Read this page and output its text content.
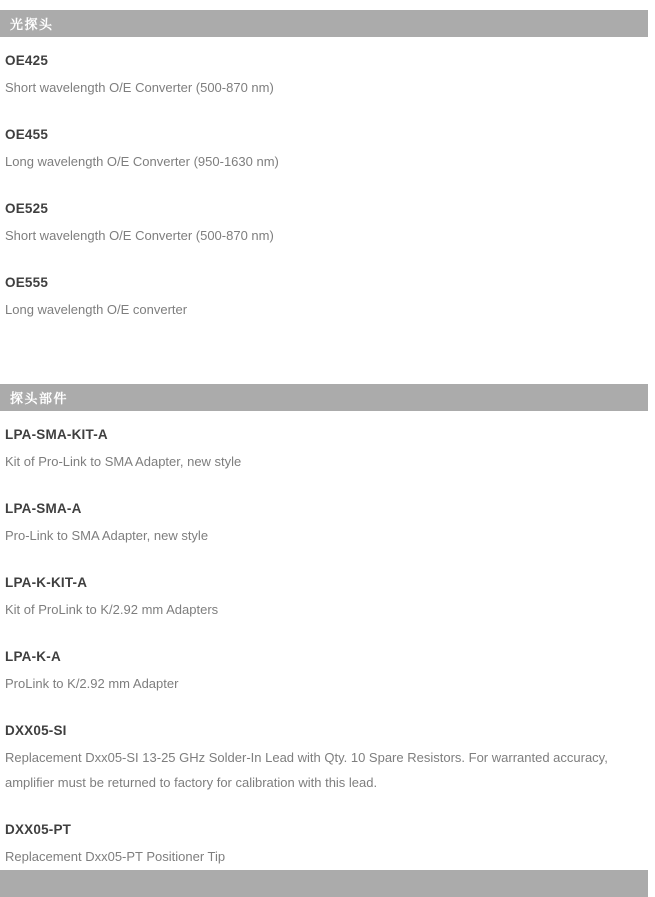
光探头
OE425
Short wavelength O/E Converter (500-870 nm)
OE455
Long wavelength O/E Converter (950-1630 nm)
OE525
Short wavelength O/E Converter (500-870 nm)
OE555
Long wavelength O/E converter
探头部件
LPA-SMA-KIT-A
Kit of Pro-Link to SMA Adapter, new style
LPA-SMA-A
Pro-Link to SMA Adapter, new style
LPA-K-KIT-A
Kit of ProLink to K/2.92 mm Adapters
LPA-K-A
ProLink to K/2.92 mm Adapter
DXX05-SI
Replacement Dxx05-SI 13-25 GHz Solder-In Lead with Qty. 10 Spare Resistors. For warranted accuracy, amplifier must be returned to factory for calibration with this lead.
DXX05-PT
Replacement Dxx05-PT Positioner Tip
